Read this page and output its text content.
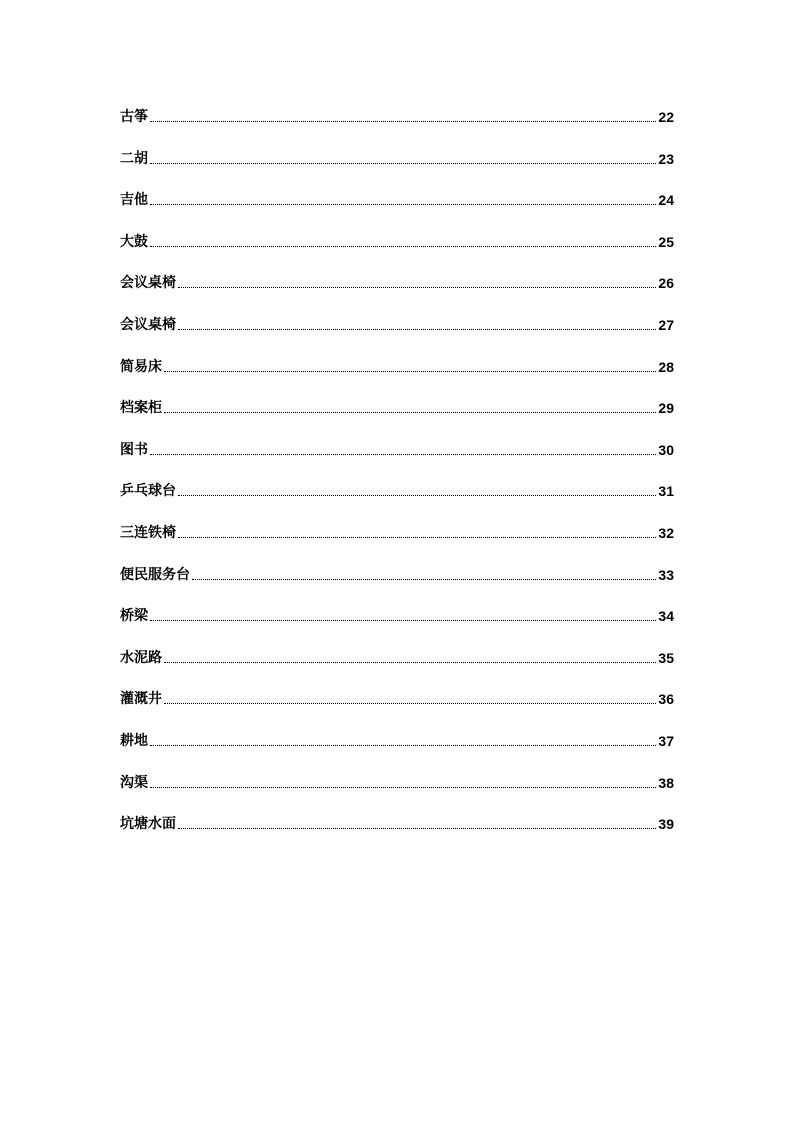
古筝	22
二胡	23
吉他	24
大鼓	25
会议桌椅	26
会议桌椅	27
简易床	28
档案柜	29
图书	30
乒乓球台	31
三连铁椅	32
便民服务台	33
桥梁	34
水泥路	35
灌溉井	36
耕地	37
沟渠	38
坑塘水面	39
